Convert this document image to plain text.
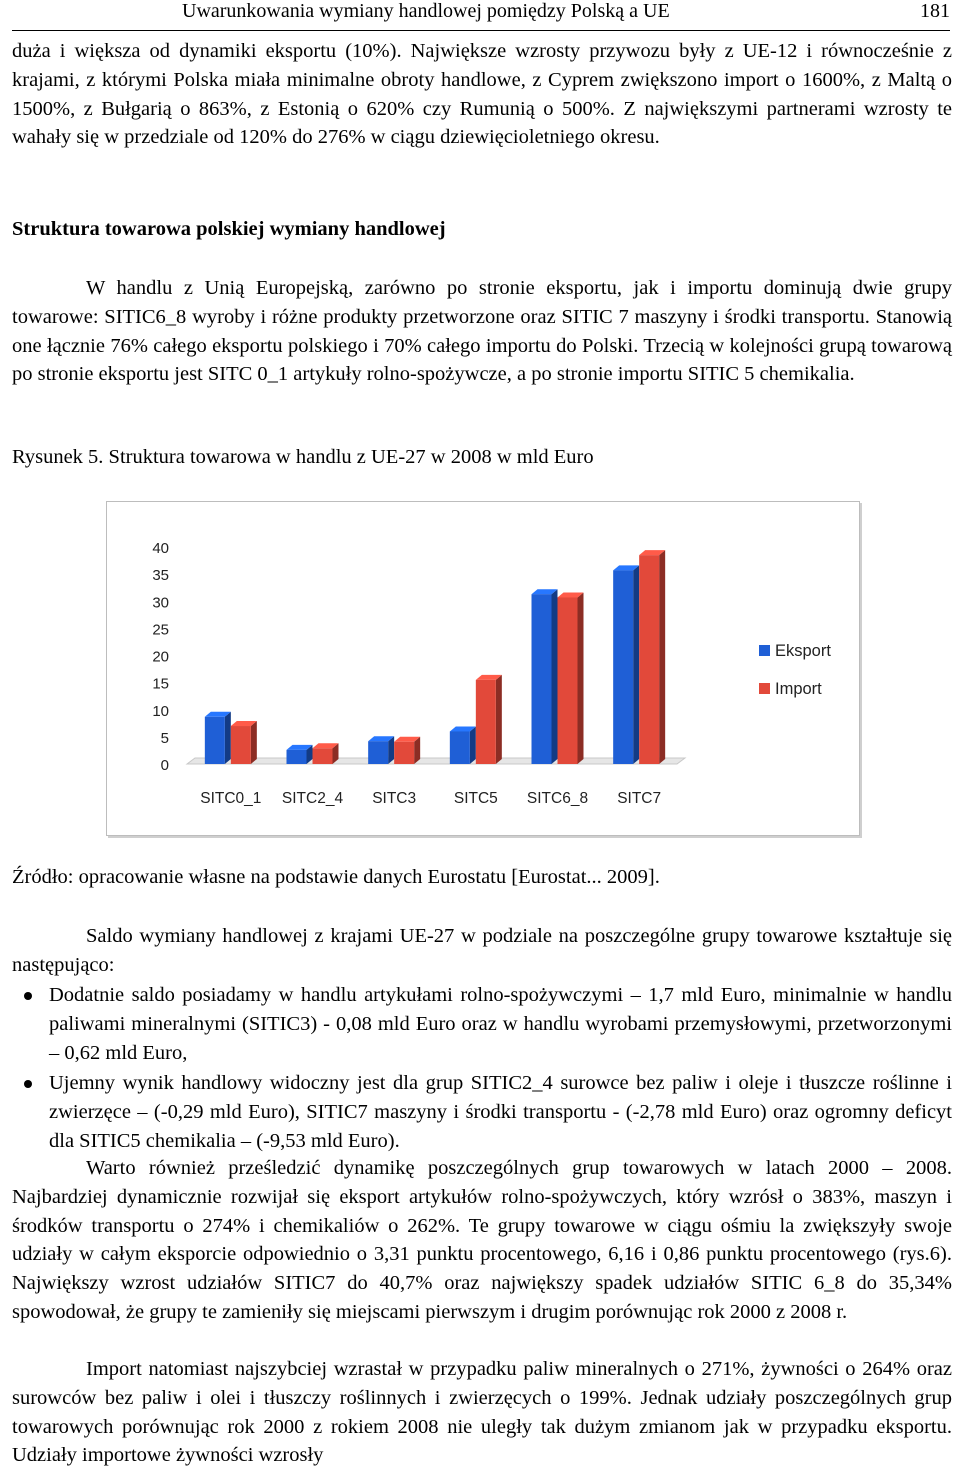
Uwarunkowania wymiany handlowej pomiędzy Polską a UE	181

duża i większa od dynamiki eksportu (10%). Największe wzrosty przywozu były z UE-12 i równocześnie z krajami, z którymi Polska miała minimalne obroty handlowe, z Cyprem zwiększono import o 1600%, z Maltą o 1500%, z Bułgarią o 863%, z Estonią o 620% czy Rumunią o 500%. Z największymi partnerami wzrosty te wahały się w przedziale od 120% do 276% w ciągu dziewięcioletniego okresu.

Struktura towarowa polskiej wymiany handlowej

W handlu z Unią Europejską, zarówno po stronie eksportu, jak i importu dominują dwie grupy towarowe: SITIC6_8 wyroby i różne produkty przetworzone oraz SITIC 7 maszyny i środki transportu. Stanowią one łącznie 76% całego eksportu polskiego i 70% całego importu do Polski. Trzecią w kolejności grupą towarową po stronie eksportu jest SITC 0_1 artykuły rolno-spożywcze, a po stronie importu SITIC 5 chemikalia.

Rysunek 5. Struktura towarowa w handlu z UE-27 w 2008 w mld Euro

0
5
10
15
20
25
30
35
40
SITC0_1 SITC2_4 SITC3 SITC5 SITC6_8 SITC7
Eksport
Import

Źródło: opracowanie własne na podstawie danych Eurostatu [Eurostat... 2009].

Saldo wymiany handlowej z krajami UE-27 w podziale na poszczególne grupy towarowe kształtuje się następująco:

Dodatnie saldo posiadamy w handlu artykułami rolno-spożywczymi – 1,7 mld Euro, minimalnie w handlu paliwami mineralnymi (SITIC3) - 0,08 mld Euro oraz w handlu wyrobami przemysłowymi, przetworzonymi – 0,62 mld Euro,
Ujemny wynik handlowy widoczny jest dla grup SITIC2_4 surowce bez paliw i oleje i tłuszcze roślinne i zwierzęce – (-0,29 mld Euro), SITIC7 maszyny i środki transportu - (-2,78 mld Euro) oraz ogromny deficyt dla SITIC5 chemikalia – (-9,53 mld Euro).

Warto również prześledzić dynamikę poszczególnych grup towarowych w latach 2000 – 2008. Najbardziej dynamicznie rozwijał się eksport artykułów rolno-spożywczych, który wzrósł o 383%, maszyn i środków transportu o 274% i chemikaliów o 262%. Te grupy towarowe w ciągu ośmiu la zwiększyły swoje udziały w całym eksporcie odpowiednio o 3,31 punktu procentowego, 6,16 i 0,86 punktu procentowego (rys.6). Największy wzrost udziałów SITIC7 do 40,7% oraz największy spadek udziałów SITIC 6_8 do 35,34% spowodował, że grupy te zamieniły się miejscami pierwszym i drugim porównując rok 2000 z 2008 r.

Import natomiast najszybciej wzrastał w przypadku paliw mineralnych o 271%, żywności o 264% oraz surowców bez paliw i olei i tłuszczy roślinnych i zwierzęcych o 199%. Jednak udziały poszczególnych grup towarowych porównując rok 2000 z rokiem 2008 nie uległy tak dużym zmianom jak w przypadku eksportu. Udziały importowe żywności wzrosły
